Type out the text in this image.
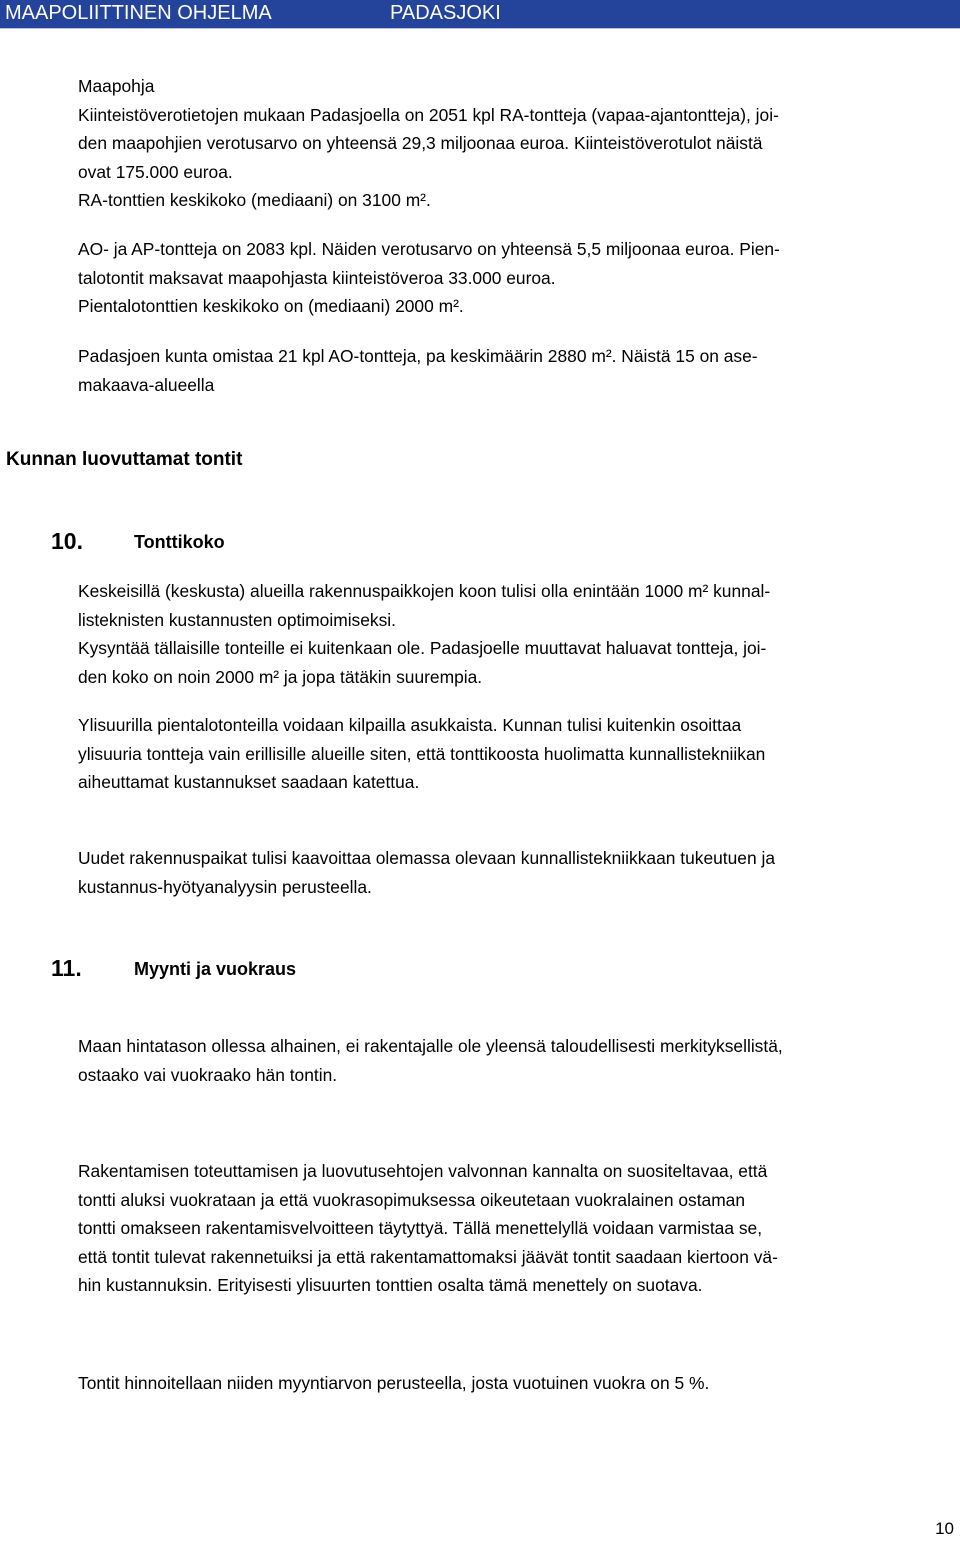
MAAPOLIITTINEN OHJELMA	PADASJOKI
Maapohja
Kiinteistöverotietojen mukaan Padasjoella on 2051 kpl RA-tontteja (vapaa-ajantontteja), joi-
den maapohjien verotusarvo on yhteensä 29,3 miljoonaa euroa. Kiinteistöverotulot näistä
ovat 175.000 euroa.
RA-tonttien keskikoko (mediaani) on 3100 m².
AO- ja AP-tontteja on 2083 kpl. Näiden verotusarvo on yhteensä 5,5 miljoonaa euroa. Pien-
talotontit maksavat maapohjasta kiinteistöveroa 33.000 euroa.
Pientalotonttien keskikoko on (mediaani) 2000 m².
Padasjoen kunta omistaa 21 kpl AO-tontteja, pa keskimäärin 2880 m². Näistä 15 on ase-
makaava-alueella
Kunnan luovuttamat tontit
10.	Tonttikoko
Keskeisillä (keskusta) alueilla rakennuspaikkojen koon tulisi olla enintään 1000 m² kunnal-
listeknisten kustannusten optimoimiseksi.
Kysyntää tällaisille tonteille ei kuitenkaan ole. Padasjoelle muuttavat haluavat tontteja, joi-
den koko on noin 2000 m² ja jopa tätäkin suurempia.
Ylisuurilla pientalotonteilla voidaan kilpailla asukkaista. Kunnan tulisi kuitenkin osoittaa
ylisuuria tontteja vain erillisille alueille siten, että tonttikoosta huolimatta kunnallistekniikan
aiheuttamat kustannukset saadaan katettua.
Uudet rakennuspaikat tulisi kaavoittaa olemassa olevaan kunnallistekniikkaan tukeutuen ja
kustannus-hyötyanalyysin perusteella.
11.	Myynti ja vuokraus
Maan hintatason ollessa alhainen, ei rakentajalle ole yleensä taloudellisesti merkityksellistä,
ostaako vai vuokraako hän tontin.
Rakentamisen toteuttamisen ja luovutusehtojen valvonnan kannalta on suositeltavaa, että
tontti aluksi vuokrataan ja että vuokrasopimuksessa oikeutetaan vuokralainen ostaman
tontti omakseen rakentamisvelvoitteen täytyttyä. Tällä menettelyllä voidaan varmistaa se,
että tontit tulevat rakennetuiksi ja että rakentamattomaksi jäävät tontit saadaan kiertoon vä-
hin kustannuksin. Erityisesti ylisuurten tonttien osalta tämä menettely on suotava.
Tontit hinnoitellaan niiden myyntiarvon perusteella, josta vuotuinen vuokra on 5 %.
10
